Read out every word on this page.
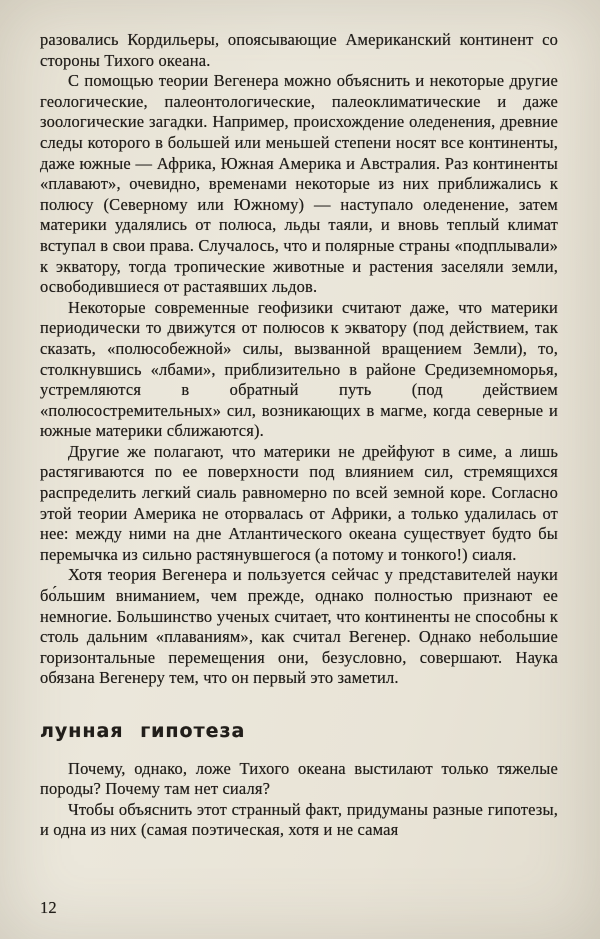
разовались Кордильеры, опоясывающие Американский континент со стороны Тихого океана.

С помощью теории Вегенера можно объяснить и некоторые другие геологические, палеонтологические, палеоклиматические и даже зоологические загадки. Например, происхождение оледенения, древние следы которого в большей или меньшей степени носят все континенты, даже южные — Африка, Южная Америка и Австралия. Раз континенты «плавают», очевидно, временами некоторые из них приближались к полюсу (Северному или Южному) — наступало оледенение, затем материки удалялись от полюса, льды таяли, и вновь теплый климат вступал в свои права. Случалось, что и полярные страны «подплывали» к экватору, тогда тропические животные и растения заселяли земли, освободившиеся от растаявших льдов.

Некоторые современные геофизики считают даже, что материки периодически то движутся от полюсов к экватору (под действием, так сказать, «полюсобежной» силы, вызванной вращением Земли), то, столкнувшись «лбами», приблизительно в районе Средиземноморья, устремляются в обратный путь (под действием «полюсостремительных» сил, возникающих в магме, когда северные и южные материки сближаются).

Другие же полагают, что материки не дрейфуют в симе, а лишь растягиваются по ее поверхности под влиянием сил, стремящихся распределить легкий сиаль равномерно по всей земной коре. Согласно этой теории Америка не оторвалась от Африки, а только удалилась от нее: между ними на дне Атлантического океана существует будто бы перемычка из сильно растянувшегося (а потому и тонкого!) сиаля.

Хотя теория Вегенера и пользуется сейчас у представителей науки бо́льшим вниманием, чем прежде, однако полностью признают ее немногие. Большинство ученых считает, что континенты не способны к столь дальним «плаваниям», как считал Вегенер. Однако небольшие горизонтальные перемещения они, безусловно, совершают. Наука обязана Вегенеру тем, что он первый это заметил.

лунная гипотеза

Почему, однако, ложе Тихого океана выстилают только тяжелые породы? Почему там нет сиаля?

Чтобы объяснить этот странный факт, придуманы разные гипотезы, и одна из них (самая поэтическая, хотя и не самая

12
